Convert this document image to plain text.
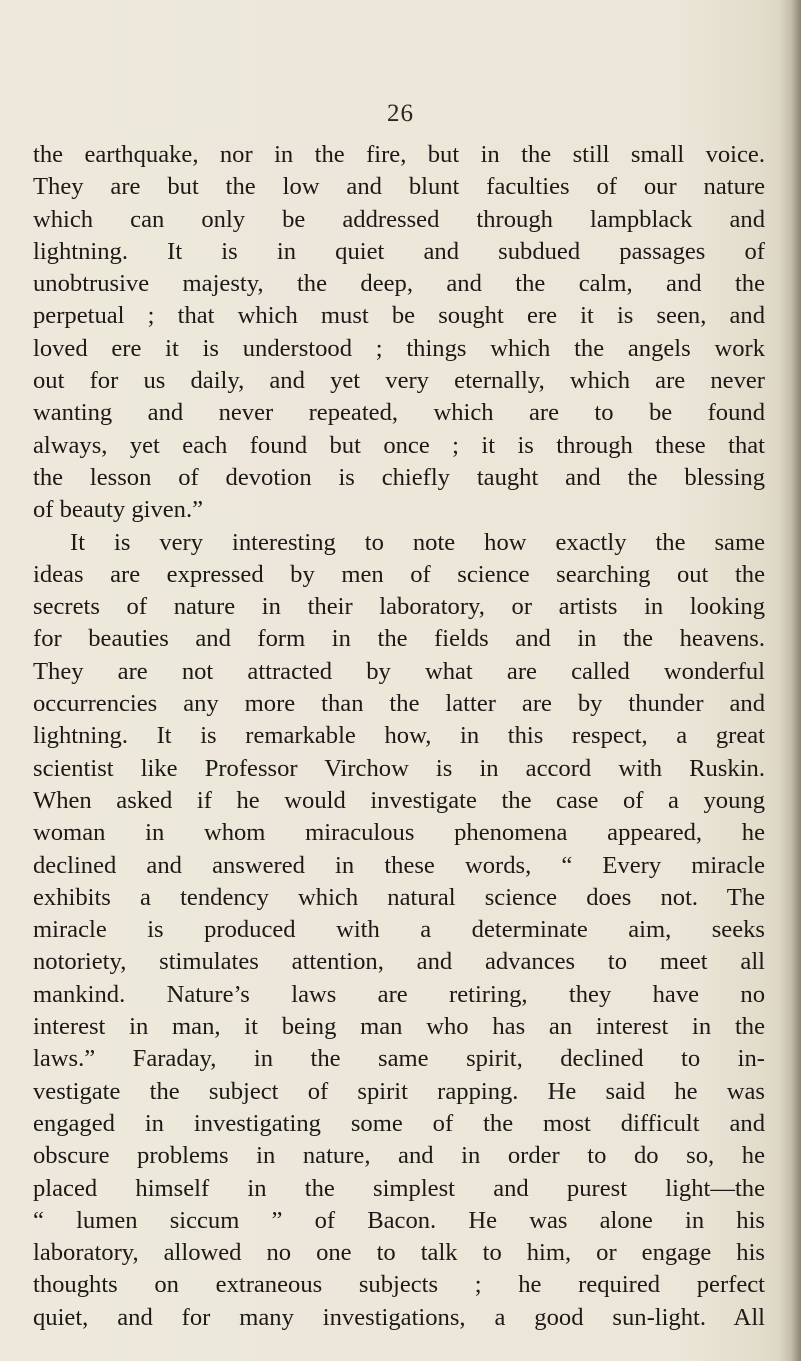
26
the earthquake, nor in the fire, but in the still small voice.
They are but the low and blunt faculties of our nature
which can only be addressed through lampblack and
lightning. It is in quiet and subdued passages of
unobtrusive majesty, the deep, and the calm, and the
perpetual ; that which must be sought ere it is seen, and
loved ere it is understood ; things which the angels work
out for us daily, and yet very eternally, which are never
wanting and never repeated, which are to be found
always, yet each found but once ; it is through these that
the lesson of devotion is chiefly taught and the blessing
of beauty given.”
It is very interesting to note how exactly the same
ideas are expressed by men of science searching out the
secrets of nature in their laboratory, or artists in looking
for beauties and form in the fields and in the heavens.
They are not attracted by what are called wonderful
occurrencies any more than the latter are by thunder and
lightning. It is remarkable how, in this respect, a great
scientist like Professor Virchow is in accord with Ruskin.
When asked if he would investigate the case of a young
woman in whom miraculous phenomena appeared, he
declined and answered in these words, “ Every miracle
exhibits a tendency which natural science does not. The
miracle is produced with a determinate aim, seeks
notoriety, stimulates attention, and advances to meet all
mankind. Nature’s laws are retiring, they have no
interest in man, it being man who has an interest in the
laws.” Faraday, in the same spirit, declined to in-
vestigate the subject of spirit rapping. He said he was
engaged in investigating some of the most difficult and
obscure problems in nature, and in order to do so, he
placed himself in the simplest and purest light—the
“ lumen siccum ” of Bacon. He was alone in his
laboratory, allowed no one to talk to him, or engage his
thoughts on extraneous subjects ; he required perfect
quiet, and for many investigations, a good sun-light. All
